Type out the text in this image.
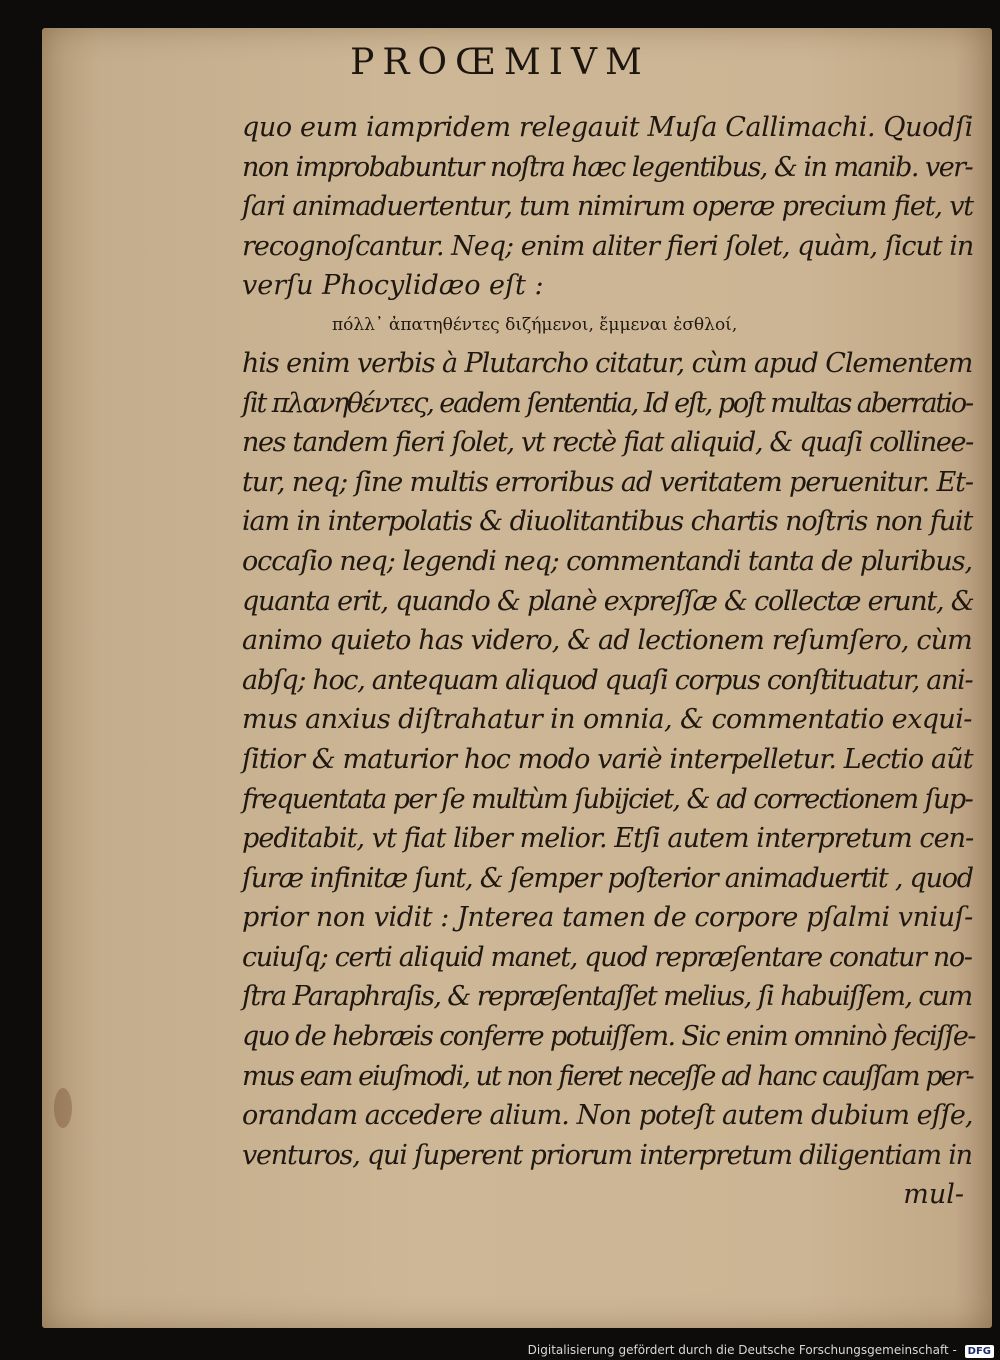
PROŒMIVM
quo eum iampridem relegauit Muſa Callimachi. Quodſi
non improbabuntur noſtra hæc legentibus, & in manib. ver-
ſari animaduertentur, tum nimirum operæ precium fiet, vt
recognoſcantur. Neq; enim aliter fieri ſolet, quàm, ſicut in
verſu Phocylidæo eſt :
πόλλ᾽ ἀπατηθέντες διζήμενοι, ἔμμεναι ἐσθλοί,
his enim verbis à Plutarcho citatur, cùm apud Clementem
ſit πλανηθέντες, eadem ſententia, Id eſt, poſt multas aberratio-
nes tandem fieri ſolet, vt rectè fiat aliquid, & quaſi collinee-
tur, neq; ſine multis erroribus ad veritatem peruenitur. Et-
iam in interpolatis & diuolitantibus chartis noſtris non fuit
occaſio neq; legendi neq; commentandi tanta de pluribus,
quanta erit, quando & planè expreſſæ & collectæ erunt, &
animo quieto has videro, & ad lectionem reſumſero, cùm
abſq; hoc, antequam aliquod quaſi corpus conſtituatur, ani-
mus anxius diſtrahatur in omnia, & commentatio exqui-
ſitior & maturior hoc modo variè interpelletur. Lectio aũt
frequentata per ſe multùm ſubijciet, & ad correctionem ſup-
peditabit, vt fiat liber melior. Etſi autem interpretum cen-
ſuræ infinitæ ſunt, & ſemper poſterior animaduertit , quod
prior non vidit : Jnterea tamen de corpore pſalmi vniuſ-
cuiuſq; certi aliquid manet, quod repræſentare conatur no-
ſtra Paraphraſis, & repræſentaſſet melius, ſi habuiſſem, cum
quo de hebræis conferre potuiſſem. Sic enim omninò feciſſe-
mus eam eiuſmodi, ut non fieret neceſſe ad hanc cauſſam per-
orandam accedere alium. Non poteſt autem dubium eſſe,
venturos, qui ſuperent priorum interpretum diligentiam in
mul-
Digitalisierung gefördert durch die Deutsche Forschungsgemeinschaft - DFG
